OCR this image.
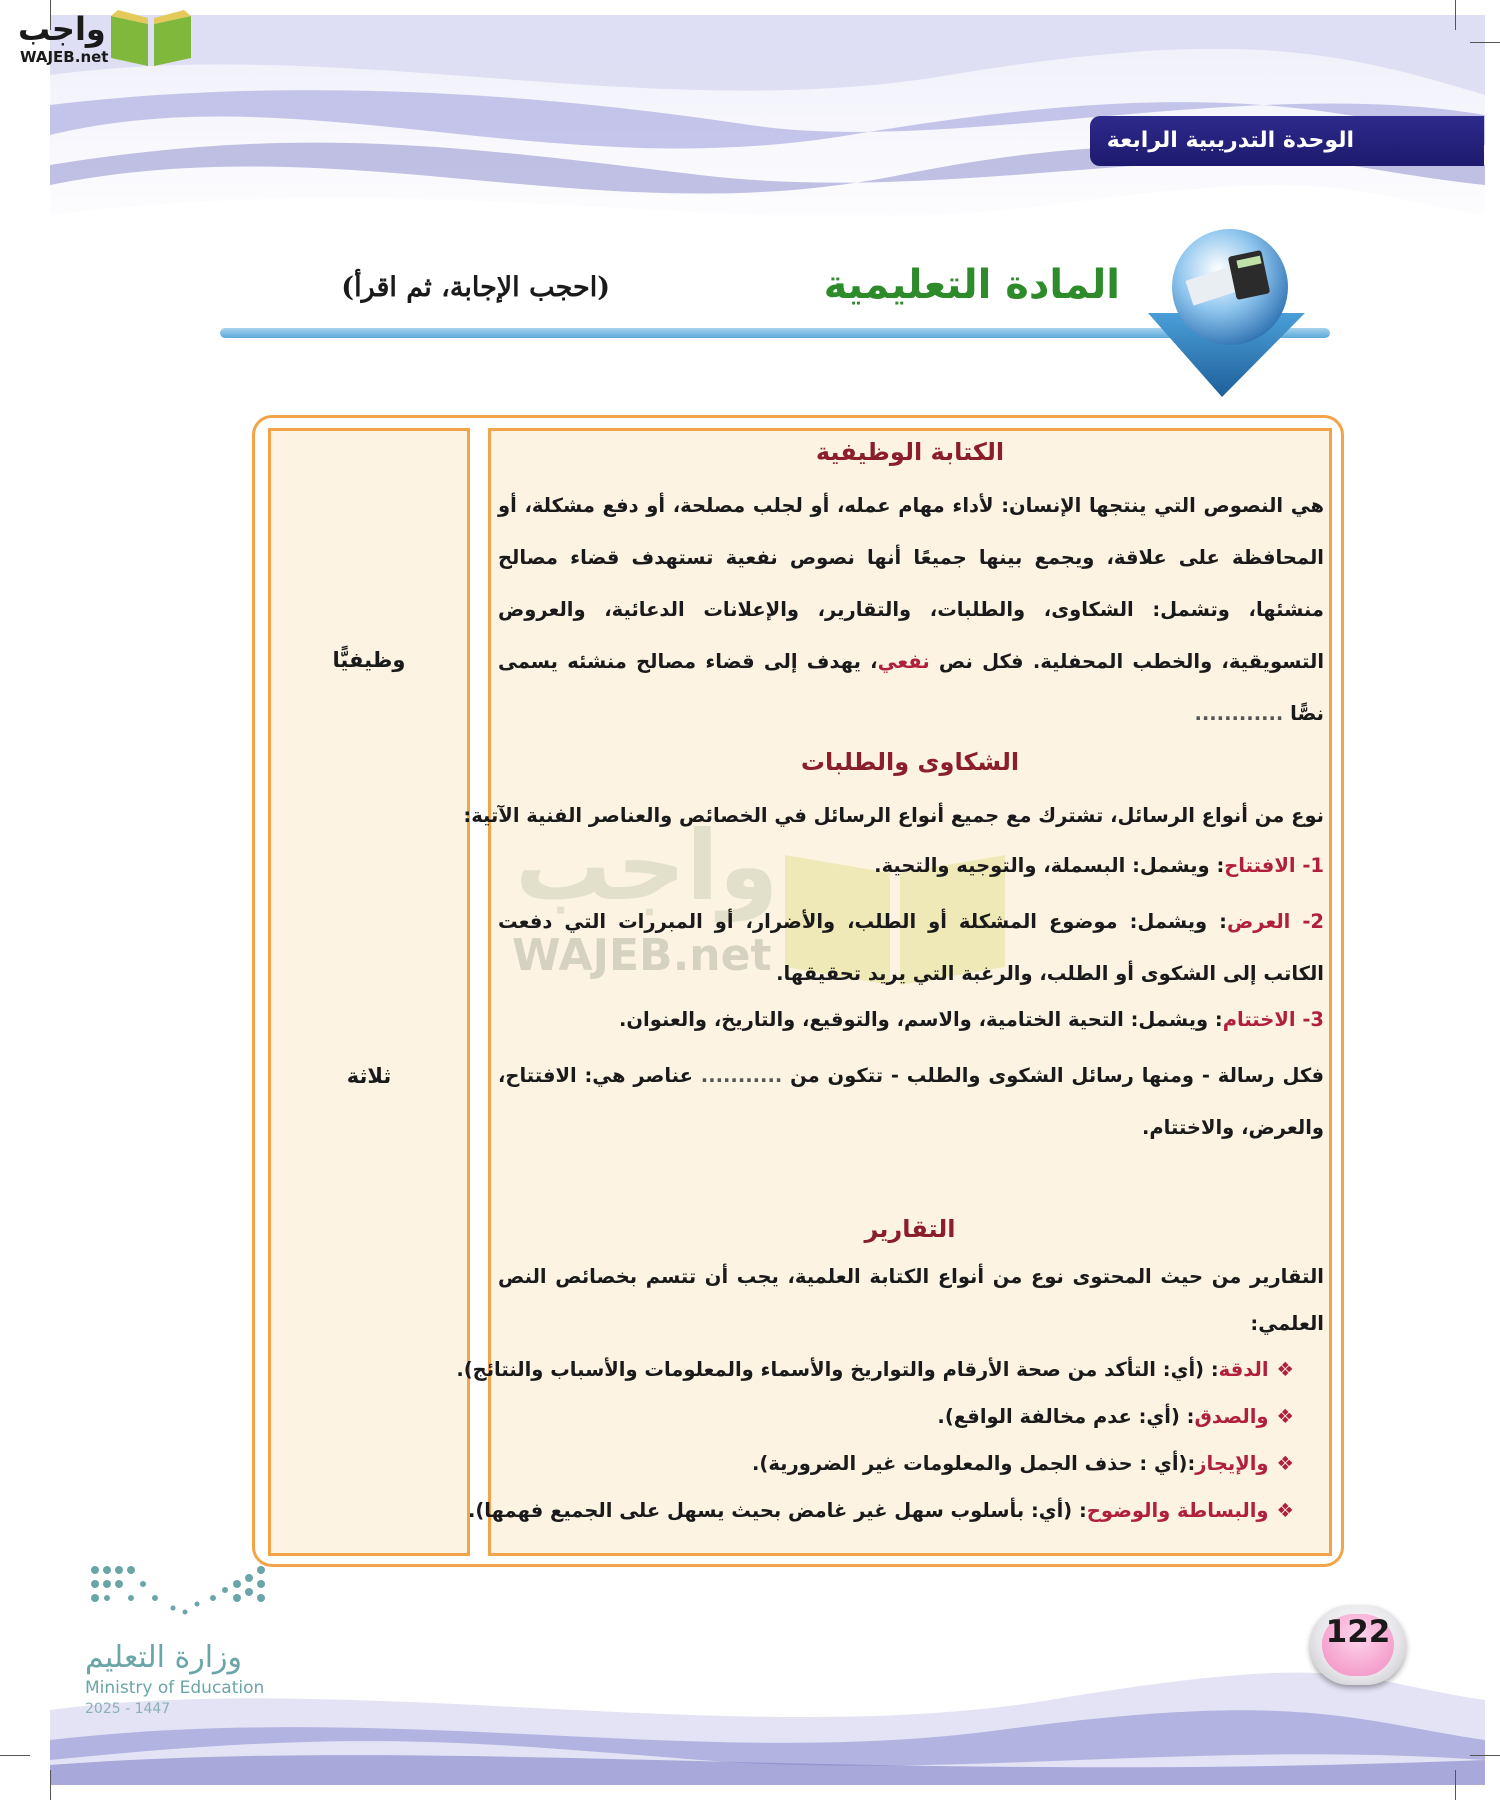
واجب
WAJEB.net
الوحدة التدريبية الرابعة
المادة التعليمية
(احجب الإجابة، ثم اقرأ)
وظيفيًّا
ثلاثة
واجب
WAJEB.net
الكتابة الوظيفية
هي النصوص التي ينتجها الإنسان: لأداء مهام عمله، أو لجلب مصلحة، أو دفع مشكلة، أو المحافظة على علاقة، ويجمع بينها جميعًا أنها نصوص نفعية تستهدف قضاء مصالح منشئها، وتشمل: الشكاوى، والطلبات، والتقارير، والإعلانات الدعائية، والعروض التسويقية، والخطب المحفلية. فكل نص نفعي، يهدف إلى قضاء مصالح منشئه يسمى نصًّا ............
الشكاوى والطلبات
نوع من أنواع الرسائل، تشترك مع جميع أنواع الرسائل في الخصائص والعناصر الفنية الآتية:
1- الافتتاح: ويشمل: البسملة، والتوجيه والتحية.
2- العرض: ويشمل: موضوع المشكلة أو الطلب، والأضرار، أو المبررات التي دفعت الكاتب إلى الشكوى أو الطلب، والرغبة التي يريد تحقيقها.
3- الاختتام: ويشمل: التحية الختامية، والاسم، والتوقيع، والتاريخ، والعنوان.
فكل رسالة - ومنها رسائل الشكوى والطلب - تتكون من ........... عناصر هي: الافتتاح، والعرض، والاختتام.
التقارير
التقارير من حيث المحتوى نوع من أنواع الكتابة العلمية، يجب أن تتسم بخصائص النص العلمي:
❖الدقة: (أي: التأكد من صحة الأرقام والتواريخ والأسماء والمعلومات والأسباب والنتائج).
❖والصدق: (أي: عدم مخالفة الواقع).
❖والإيجاز:(أي : حذف الجمل والمعلومات غير الضرورية).
❖والبساطة والوضوح: (أي: بأسلوب سهل غير غامض بحيث يسهل على الجميع فهمها).
وزارة التعليم
Ministry of Education
2025 - 1447
122
